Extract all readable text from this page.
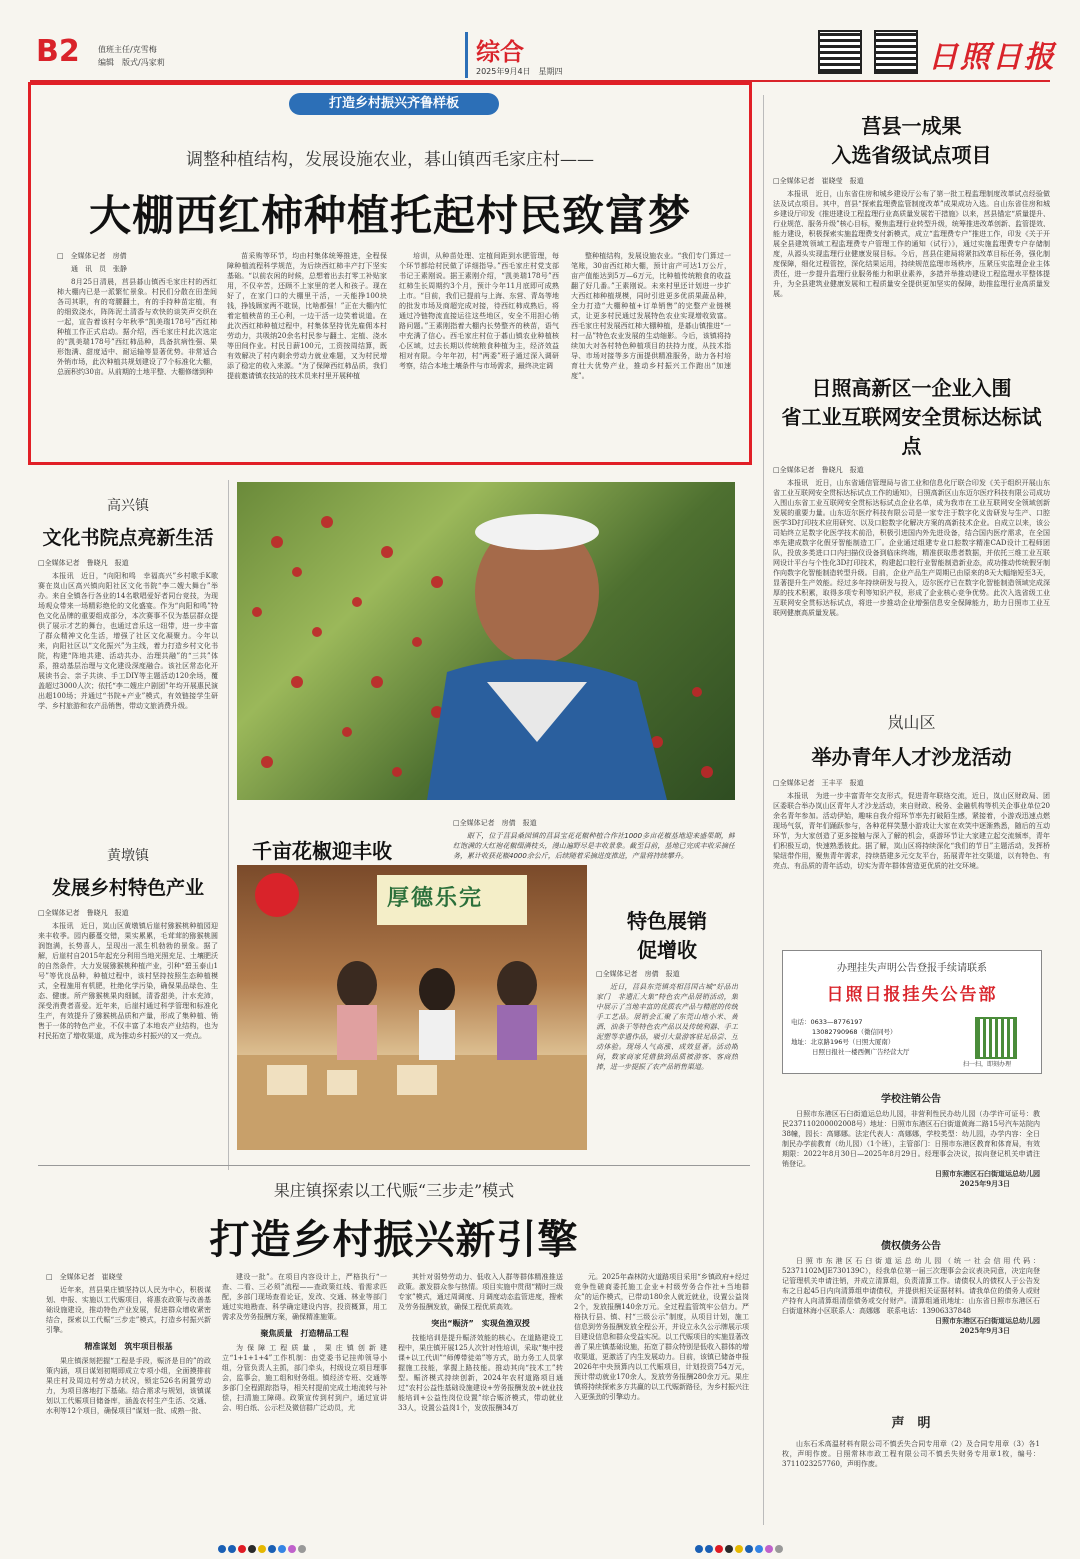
B2 值班主任/克雪梅
编辑　版式/冯家莉	综合
2025年9月4日　星期四	日照日报
打造乡村振兴齐鲁样板
调整种植结构，发展设施农业，碁山镇西毛家庄村——
大棚西红柿种植托起村民致富梦
□　全媒体记者　房倩
　　通　讯　员　张静

8月25日清晨，莒县碁山镇西毛家庄村的西红柿大棚内已是一派繁忙景象。村民们分散在田垄间各司其职，有的弯腰翻土，有的手持种苗定植，有的细致浇水，阵阵泥土清香与欢快的谈笑声交织在一起，宣告着该村今年秋季“凯美瑞178号”西红柿种植工作正式启动。据介绍，西毛家庄村此次选定的“凯美瑞178号”西红柿品种，具备抗病性强、果形饱满、甜度适中、耐运输等显著优势。非常适合外销市场，此次种植共规划建设了7个标准化大棚，总面积约30亩。从前期的土地平整、大棚修缮到种

苗采购等环节，均由村集体统筹推进，全程保障种植流程科学规范，为后续西红柿丰产打下坚实基础。“以前农闲的时候，总想着出去打零工补贴家用，不仅辛苦，还顾不上家里的老人和孩子。现在好了，在家门口的大棚里干活，一天能挣100块钱，挣钱顾家两不耽误，比啥都强！”正在大棚内忙着定植秧苗的王心利，一边干活一边笑着说道。在此次西红柿种植过程中，村集体坚持优先雇佣本村劳动力，共吸纳20余名村民参与翻土、定植、浇水等田间作业。村民日薪100元，工资按周结算，既有效解决了村内剩余劳动力就业难题，又为村民增添了稳定的收入来源。“为了保障西红柿品质，我们提前邀请镇农技站的技术员来村里开展种植

培训，从种苗处理、定植间距到水肥管理，每个环节都给村民做了详细指导。”西毛家庄村党支部书记王素刚说。据王素刚介绍，“凯美瑞178号”西红柿生长周期约3个月，预计今年11月底即可成熟上市。“目前，我们已提前与上海、东营、青岛等地的批发市场及商超完成对接，待西红柿成熟后，将通过冷链物流直接运往这些地区，安全不用担心销路问题。”王素刚指着大棚内长势整齐的秧苗，语气中充满了信心。西毛家庄村位于碁山镇农业种植核心区域，过去长期以传统粮食种植为主，经济效益相对有限。今年年初，村“两委”班子通过深入调研考察，结合本地土壤条件与市场需求，最终决定调

整种植结构，发展设施农业。“我们专门算过一笔账，30亩西红柿大棚，预计亩产可达1万公斤，亩产值能达到5万—6万元，比种植传统粮食的收益翻了好几番。”王素刚说。未来村里还计划进一步扩大西红柿种植规模，同时引进更多优质果蔬品种，全力打造“大棚种植+订单销售”的完整产业链模式，让更多村民通过发展特色农业实现增收致富。西毛家庄村发展西红柿大棚种植，是碁山镇推进“一村一品”特色农业发展的生动缩影。今后，该镇将持续加大对各村特色种植项目的扶持力度，从技术指导、市场对接等多方面提供精准服务，助力各村培育壮大优势产业，推动乡村振兴工作跑出“加速度”。

莒县一成果
入选省级试点项目
□全媒体记者　崔晓莹　报道

本报讯　近日，山东省住房和城乡建设厅公布了第一批工程监理制度改革试点经验做法及试点项目。其中，莒县“探索监理费监管制度改革”成果成功入选。自山东省住房和城乡建设厅印发《推进建设工程监理行业高质量发展若干措施》以来，莒县锚定“质量提升、行业规范、服务升级”核心目标，聚焦监理行业转型升级，统筹推进改革创新、监管提效、能力建设，积极探索实施监理费支付新模式，成立“监理费专户”推进工作，印发《关于开展全县建筑领域工程监理费专户管理工作的通知（试行）》，通过实施监理费专户存储制度，从源头实现监理行业健康发展目标。今后，莒县住建局将紧扣改革目标任务，强化制度保障，细化过程管控，深化结果运用，持续规范监理市场秩序，压紧压实监理企业主体责任，进一步提升监理行业服务能力和职业素养，多措并举推动建设工程监理水平整体提升，为全县建筑业健康发展和工程质量安全提供更加坚实的保障，助推监理行业高质量发展。

日照高新区一企业入围
省工业互联网安全贯标达标试点
□全媒体记者　鲁晓凡　报道

本报讯　近日，山东省通信管理局与省工业和信息化厅联合印发《关于组织开展山东省工业互联网安全贯标达标试点工作的通知》，日照高新区山东迈尔医疗科技有限公司成功入围山东省工业互联网安全贯标达标试点企业名单，成为我市在工业互联网安全领域创新发展的重要力量。山东迈尔医疗科技有限公司是一家专注于数字化义齿研发与生产、口腔医学3D打印技术应用研究、以及口腔数字化解决方案的高新技术企业。自成立以来，该公司始终立足数字化医学技术前沿，积极引进国内外先进设备，结合国内医疗需求，在全国率先建成数字化假牙智能制造工厂。企业通过组建专业口腔数字精准CAD设计工程师团队，投放多类进口口内扫描仪设备到临床终端，精准获取患者数据，并依托三维工业互联网设计平台与个性化3D打印技术，构建起口腔行业智能制造新业态，成功推动传统假牙制作向数字化智能制造转型升级。目前，企业产品生产周期已由原来的8天大幅缩短至3天，显著提升生产效能。经过多年持续研发与投入，迈尔医疗已在数字化智能制造领域完成深厚的技术积累，取得多项专利等知识产权，形成了企业核心竞争优势。此次入选省级工业互联网安全贯标达标试点，将进一步推动企业增强信息安全保障能力，助力日照市工业互联网健康高质量发展。

岚山区
举办青年人才沙龙活动
□全媒体记者　王丰平　报道

本报讯　为进一步丰富青年交友形式，促进青年联络交流，近日，岚山区财政局、团区委联合举办岚山区青年人才沙龙活动，来自财政、税务、金融机构等机关企事业单位20余名青年参加。活动伊始，趣味自我介绍环节率先打破陌生感，紧接着，小游戏迅速点燃现场气氛，青年们踊跃参与，各种花样笑慧小游戏让大家在欢笑中逐渐熟悉，随后的互动环节，为大家创造了更多接触与深入了解的机会，桌游环节让大家建立起交流频率，青年们积极互动，快速熟悉彼此。据了解，岚山区将持续深化“我们的节日”主题活动，发挥桥梁纽带作用，聚焦青年需求，持续搭建多元交友平台，拓展青年社交渠道，以有特色、有亮点、有品质的青年活动，切实为青年群体营造更优质的社交环境。

办理挂失声明公告登报手续请联系
日照日报挂失公告部
电话：0633—8776197
13082790968（微信同号）
地址：北京路196号（日照大厦南）
日照日报社一楼西侧广告经营大厅
扫一扫，即刻办理
学校注销公告
日照市东港区石臼街道运总幼儿园，非营利性民办幼儿园（办学许可证号：教民237110200002008号）地址：日照市东港区石臼街道黄海二路15号汽车站院内38幢，园长：高娜娜。法定代表人：高娜娜，学校类型：幼儿园，办学内容：全日制民办学前教育（幼儿园）（1个班），主管部门：日照市东港区教育和体育局，有效期限：2022年8月30日—2025年8月29日。经理事会决议，拟向登记机关申请注销登记。
日照市东港区石臼街道运总幼儿园
2025年9月3日
债权债务公告
日照市东港区石臼街道运总幼儿园（统一社会信用代码：52371102MJE730139C），经我单位第一届三次理事会会议表决同意，决定向登记管理机关申请注销，并成立清算组，负责清算工作。请债权人的债权人于公告发布之日起45日内向清算组申请债权，并提供相关证据材料。请我单位的债务人或财产持有人向清算组清偿债务或交付财产。清算组通讯地址：山东省日照市东港区石臼街道林海小区联系人：高娜娜　联系电话：13906337848
日照市东港区石臼街道运总幼儿园
2025年9月3日
声　明
山东石禾高温材料有限公司不慎丢失合同专用章（2）及合同专用章（3）各1枚，声明作废。日照常林市政工程有限公司不慎丢失财务专用章1枚，编号：3711023257760，声明作废。
高兴镇
文化书院点亮新生活
□全媒体记者　鲁晓凡　报道

本报讯　近日，“向阳和鸣　幸福高兴”乡村歌手K歌赛在岚山区高兴镇向阳社区文化书院“李二嫂大舞台”举办。来自全镇各行各业的14名歌唱爱好者同台竞技，为现场观众带来一场精彩绝伦的文化盛宴。作为“向阳和鸣”特色文化品牌的重要组成部分，本次赛事不仅为基层群众提供了展示才艺的舞台，也通过音乐这一纽带，进一步丰富了群众精神文化生活，增强了社区文化凝聚力。今年以来，向阳社区以“文化振兴”为主线，着力打造乡村文化书院，构建“阵地共建、活动共办、治理共融”的“三共”体系，推动基层治理与文化建设深度融合。该社区常态化开展读书会、亲子共读、手工DIY等主题活动120余场，覆盖超过3000人次；依托“李二嫂庄户剧团”年均开展惠民演出超100场；并通过“书院+产业”模式，有效链接学生研学、乡村旅游和农产品销售，带动文旅消费升级。

黄墩镇
发展乡村特色产业
□全媒体记者　鲁晓凡　报道

本报讯　近日，岚山区黄墩镇后崖村猕猴桃种植园迎来丰收季。园内藤蔓交错，果实累累，毛茸茸的猕猴桃圆润饱满，长势喜人，呈现出一派生机勃勃的景象。据了解，后崖村自2015年起充分利用当地光照充足、土壤肥沃的自然条件，大力发展猕猴桃种植产业，引种“碧玉泰山1号”等优良品种，种植过程中，该村坚持按照生态种植模式，全程施用有机肥，杜绝化学污染，确保果品绿色、生态、健康。所产猕猴桃果肉细腻，清香甜美，汁水充沛，深受消费者喜爱。近年来，后崖村通过科学管理和标准化生产，有效提升了猕猴桃品质和产量，形成了集种植、销售于一体的特色产业，不仅丰富了本地农产业结构，也为村民拓宽了增收渠道，成为推动乡村振兴的又一亮点。

千亩花椒迎丰收
□全媒体记者　房倩　报道

眼下，位于莒县桑园镇的莒县宝花花椒种植合作社1000多亩花椒基地迎来盛果期，鲜红饱满的大红袍花椒缀满枝头，漫山遍野尽是丰收景象。截至目前，基地已完成丰收采摘任务，累计收获花椒4000余公斤，后续随着采摘进度推进，产量将持续攀升。

厚德乐完
特色展销
促增收
□全媒体记者　房倩　报道

近日，莒县东莞镇亮相莒国古城“好品出家门　非遗汇大集”特色农产品展销活动，集中展示了当地丰富的优质农产品与精湛的传统手工艺品。展销会汇聚了东莞山地小米、黄酒、油条干等特色农产品以及传统利器、手工泥塑等非遗作品，吸引大量游客驻足品尝、互动体验。现场人气高涨、成效显著。活动期间，数家商家凭借独到品质被游客、客商热捧，进一步提振了农产品销售渠道。

果庄镇探索以工代赈“三步走”模式
打造乡村振兴新引擎
□　全媒体记者　崔晓莹

近年来，莒县果庄镇坚持以人民为中心，积极谋划、申报、实施以工代赈项目，将惠农政策与改善基础设施建设，推动特色产业发展，促进群众增收紧密结合，探索以工代赈“三步走”模式，打造乡村振兴新引擎。

精准谋划　筑牢项目根基

果庄镇深刻把握“工程是手段，赈济是目的”的政策内涵，项目谋划初期即成立专项小组，全面摸排前果庄村及周边村劳动力状况，锁定526名闲置劳动力，为项目落地打下基础。结合需求与规划，该镇谋划以工代赈项目储备库，涵盖农村生产生活、交通、水利等12个项目，确保项目“谋划一批、成熟一批、

建设一批”。在项目内容设计上，严格执行“一查、二看、三必须”流程——查政策红线、看需求匹配，多部门现场查看论证，发改、交通、林业等部门通过实地勘查、科学确定建设内容，投资概算，用工需求及劳务报酬方案，确保精准施策。

聚焦质量　打造精品工程

为保障工程质量，果庄镇创新建立“1+1+1+4”工作机制：由党委书记挂帅领导小组，分管负责人主抓，部门牵头，村级设立项目理事会，监事会，施工组和财务组。镇经济专班、交通等多部门全程跟踪指导，相关村提前完成土地流转与补偿，扫清施工障碍。政策宣传到村到户，通过宣讲会、明白纸、公示栏及微信群广泛动员，尤

其针对弱势劳动力、低收入人群等群体精准推送政策。激发群众参与热情。项目实施中贯彻“精时三级专家”模式，通过周调度、月调度动态监管进度，搜索及劳务报酬发放，确保工程优质高效。

突出“赈济”　实现鱼渔双授

技能培训是提升赈济效能的核心。在道路建设工程中，果庄镇开展125人次针对性培训，采取“集中授课+以工代训”“师傅带徒弟”等方式，助力务工人员掌握施工技能，掌握上路技能。推动其向“技术工”转型。赈济模式持续创新，2024年农村道路项目通过“农村公益性基础设施建设+劳务报酬发放+就业技能培训+公益性岗位设置”综合赈济模式，带动就业33人，设置公益岗1个，发放报酬34万

元。2025年森林防火道路项目采用“乡镇政府+经过竞争性磋商委托施工企业+村级劳务合作社+当地群众”的运作模式，已带动180余人就近就业，设置公益岗2个，发放报酬140余万元。全过程监管筑牢公信力。严格执行县、镇、村“三级公示”制度，从项目计划，施工信息到劳务报酬发放全程公开，并设立永久公示牌展示项目建设信息和群众受益实况。以工代赈项目的实施显著改善了果庄镇基础设施，拓宽了群众特别是低收入群体的增收渠道，更激活了内生发展动力。目前，该镇已储备申报2026年中央预算内以工代赈项目，计划投资754万元，预计带动就业170余人，发放劳务报酬280余万元。果庄镇将持续探索多方共赢的以工代赈新路径，为乡村振兴注入更强劲的引擎动力。
